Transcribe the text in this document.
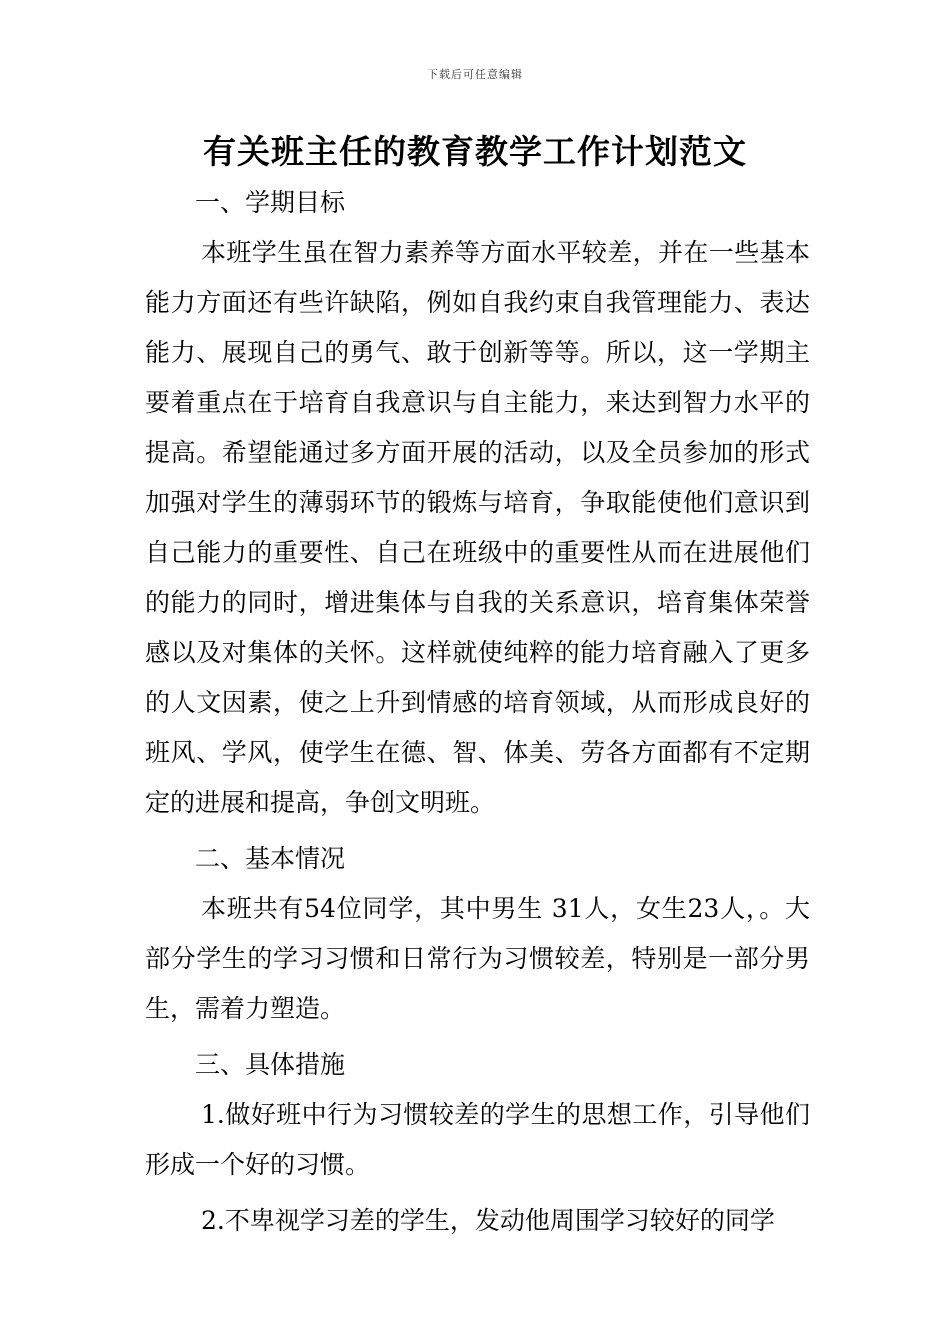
下载后可任意编辑
有关班主任的教育教学工作计划范文

一、学期目标

本班学生虽在智力素养等方面水平较差，并在一些基本能力方面还有些许缺陷，例如自我约束自我管理能力、表达能力、展现自己的勇气、敢于创新等等。所以，这一学期主要着重点在于培育自我意识与自主能力，来达到智力水平的提高。希望能通过多方面开展的活动，以及全员参加的形式加强对学生的薄弱环节的锻炼与培育，争取能使他们意识到自己能力的重要性、自己在班级中的重要性从而在进展他们的能力的同时，增进集体与自我的关系意识，培育集体荣誉感以及对集体的关怀。这样就使纯粹的能力培育融入了更多的人文因素，使之上升到情感的培育领域，从而形成良好的班风、学风，使学生在德、智、体美、劳各方面都有不定期定的进展和提高，争创文明班。

二、基本情况

本班共有54位同学，其中男生 31人，女生23人，。大部分学生的学习习惯和日常行为习惯较差，特别是一部分男生，需着力塑造。

三、具体措施

1.做好班中行为习惯较差的学生的思想工作，引导他们形成一个好的习惯。

2.不卑视学习差的学生，发动他周围学习较好的同学
